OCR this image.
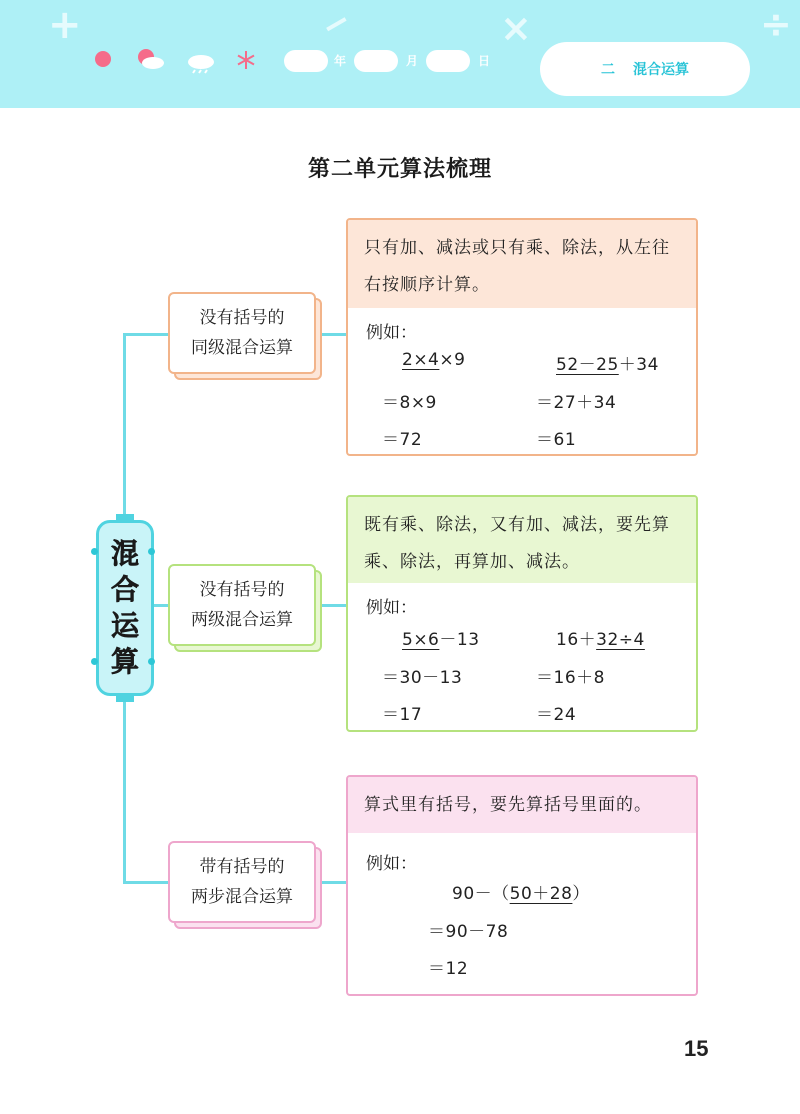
+	−	×	÷
年	月	日
二 混合运算
第二单元算法梳理
混
合
运
算
没有括号的
同级混合运算
只有加、减法或只有乘、除法，从左往
右按顺序计算。
例如：
2×4×9
＝8×9
＝72
52－25＋34
＝27＋34
＝61
没有括号的
两级混合运算
既有乘、除法，又有加、减法，要先算
乘、除法，再算加、减法。
例如：
5×6－13
＝30－13
＝17
16＋32÷4
＝16＋8
＝24
带有括号的
两步混合运算
算式里有括号，要先算括号里面的。
例如：
90－（50＋28）
＝90－78
＝12
15
